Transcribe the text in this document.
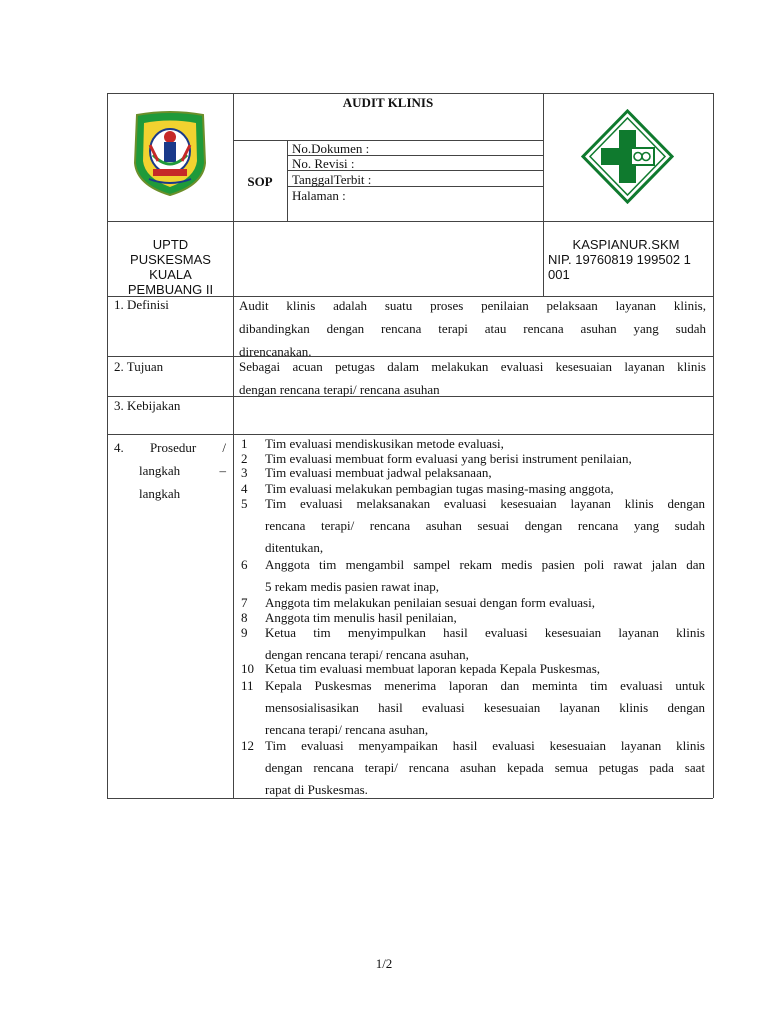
AUDIT KLINIS
SOP
No.Dokumen :
No. Revisi :
TanggalTerbit :
Halaman :
UPTD
PUSKESMAS
KUALA
PEMBUANG II
KASPIANUR.SKM
NIP. 19760819 199502 1
001
1. Definisi
2. Tujuan
3. Kebijakan
4. Prosedur /
langkah –
langkah
Audit klinis adalah suatu proses penilaian pelaksaan layanan klinis,
dibandingkan dengan rencana terapi atau rencana asuhan yang sudah
direncanakan.
Sebagai acuan petugas dalam melakukan evaluasi kesesuaian layanan klinis
dengan rencana terapi/ rencana asuhan
1 Tim evaluasi mendiskusikan metode evaluasi,
2 Tim evaluasi membuat form evaluasi yang berisi instrument penilaian,
3 Tim evaluasi membuat jadwal pelaksanaan,
4 Tim evaluasi melakukan pembagian tugas masing-masing anggota,
5 Tim evaluasi melaksanakan evaluasi kesesuaian layanan klinis dengan
rencana terapi/ rencana asuhan sesuai dengan rencana yang sudah
ditentukan,
6 Anggota tim mengambil sampel rekam medis pasien poli rawat jalan dan
5 rekam medis pasien rawat inap,
7 Anggota tim melakukan penilaian sesuai dengan form evaluasi,
8 Anggota tim menulis hasil penilaian,
9 Ketua tim menyimpulkan hasil evaluasi kesesuaian layanan klinis
dengan rencana terapi/ rencana asuhan,
10 Ketua tim evaluasi membuat laporan kepada Kepala Puskesmas,
11 Kepala Puskesmas menerima laporan dan meminta tim evaluasi untuk
mensosialisasikan hasil evaluasi kesesuaian layanan klinis dengan
rencana terapi/ rencana asuhan,
12 Tim evaluasi menyampaikan hasil evaluasi kesesuaian layanan klinis
dengan rencana terapi/ rencana asuhan kepada semua petugas pada saat
rapat di Puskesmas.
1/2
